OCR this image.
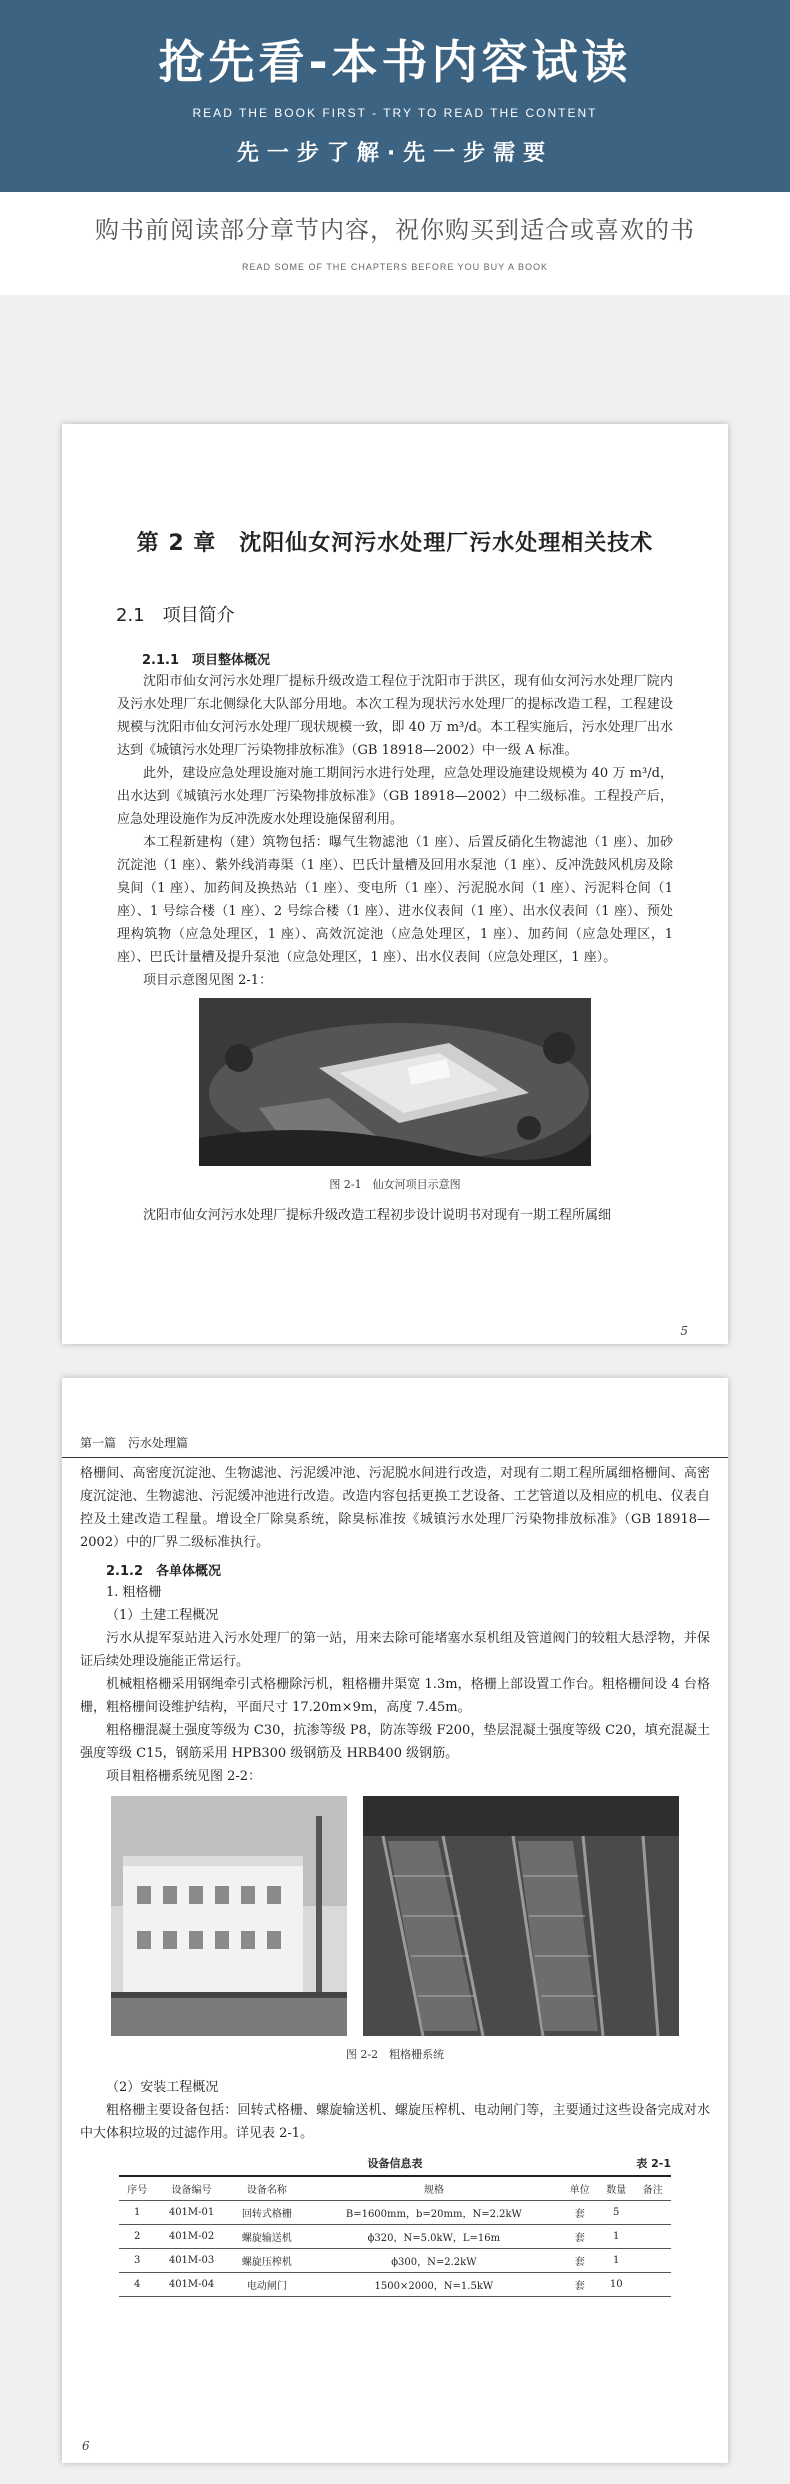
抢先看-本书内容试读
READ THE BOOK FIRST - TRY TO READ THE CONTENT
先一步了解·先一步需要
购书前阅读部分章节内容，祝你购买到适合或喜欢的书
READ SOME OF THE CHAPTERS BEFORE YOU BUY A BOOK
第 2 章　沈阳仙女河污水处理厂污水处理相关技术
2.1　项目简介
2.1.1　项目整体概况

沈阳市仙女河污水处理厂提标升级改造工程位于沈阳市于洪区，现有仙女河污水处理厂院内及污水处理厂东北侧绿化大队部分用地。本次工程为现状污水处理厂的提标改造工程，工程建设规模与沈阳市仙女河污水处理厂现状规模一致，即 40 万 m³/d。本工程实施后，污水处理厂出水达到《城镇污水处理厂污染物排放标准》（GB 18918—2002）中一级 A 标准。

此外，建设应急处理设施对施工期间污水进行处理，应急处理设施建设规模为 40 万 m³/d，出水达到《城镇污水处理厂污染物排放标准》（GB 18918—2002）中二级标准。工程投产后，应急处理设施作为反冲洗废水处理设施保留利用。

本工程新建构（建）筑物包括：曝气生物滤池（1 座）、后置反硝化生物滤池（1 座）、加砂沉淀池（1 座）、紫外线消毒渠（1 座）、巴氏计量槽及回用水泵池（1 座）、反冲洗鼓风机房及除臭间（1 座）、加药间及换热站（1 座）、变电所（1 座）、污泥脱水间（1 座）、污泥料仓间（1 座）、1 号综合楼（1 座）、2 号综合楼（1 座）、进水仪表间（1 座）、出水仪表间（1 座）、预处理构筑物（应急处理区，1 座）、高效沉淀池（应急处理区，1 座）、加药间（应急处理区，1 座）、巴氏计量槽及提升泵池（应急处理区，1 座）、出水仪表间（应急处理区，1 座）。

项目示意图见图 2-1：

图 2-1　仙女河项目示意图

沈阳市仙女河污水处理厂提标升级改造工程初步设计说明书对现有一期工程所属细

5
第一篇　污水处理篇

格栅间、高密度沉淀池、生物滤池、污泥缓冲池、污泥脱水间进行改造，对现有二期工程所属细格栅间、高密度沉淀池、生物滤池、污泥缓冲池进行改造。改造内容包括更换工艺设备、工艺管道以及相应的机电、仪表自控及土建改造工程量。增设全厂除臭系统，除臭标准按《城镇污水处理厂污染物排放标准》（GB 18918—2002）中的厂界二级标准执行。

2.1.2　各单体概况

1. 粗格栅

（1）土建工程概况

污水从提军泵站进入污水处理厂的第一站，用来去除可能堵塞水泵机组及管道阀门的较粗大悬浮物，并保证后续处理设施能正常运行。

机械粗格栅采用钢绳牵引式格栅除污机，粗格栅井渠宽 1.3m，格栅上部设置工作台。粗格栅间设 4 台格栅，粗格栅间设维护结构，平面尺寸 17.20m×9m，高度 7.45m。

粗格栅混凝土强度等级为 C30，抗渗等级 P8，防冻等级 F200，垫层混凝土强度等级 C20，填充混凝土强度等级 C15，钢筋采用 HPB300 级钢筋及 HRB400 级钢筋。

项目粗格栅系统见图 2-2：

图 2-2　粗格栅系统

（2）安装工程概况

粗格栅主要设备包括：回转式格栅、螺旋输送机、螺旋压榨机、电动闸门等，主要通过这些设备完成对水中大体积垃圾的过滤作用。详见表 2-1。

设备信息表	表 2-1
序号	设备编号	设备名称	规格	单位	数量	备注
1	401M-01	回转式格栅	B=1600mm，b=20mm，N=2.2kW	套	5	
2	401M-02	螺旋输送机	ϕ320，N=5.0kW，L=16m	套	1	
3	401M-03	螺旋压榨机	ϕ300，N=2.2kW	套	1	
4	401M-04	电动闸门	1500×2000，N=1.5kW	套	10	
6
